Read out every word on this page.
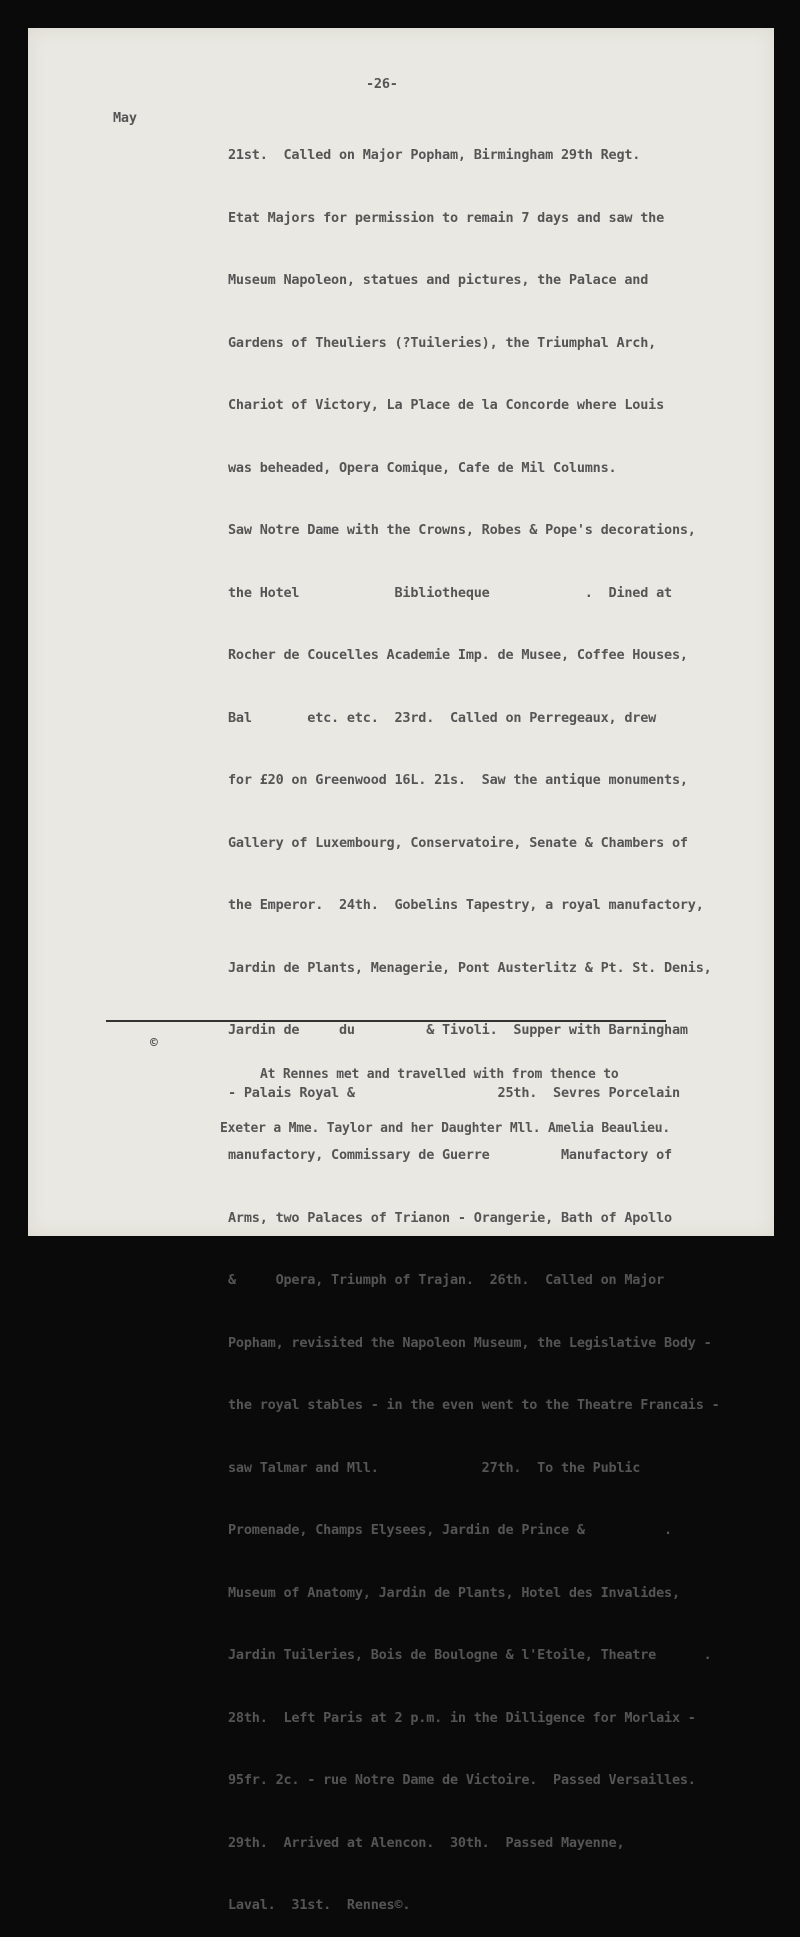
-26-
May

21st.  Called on Major Popham, Birmingham 29th Regt.

Etat Majors for permission to remain 7 days and saw the

Museum Napoleon, statues and pictures, the Palace and

Gardens of Theuliers (?Tuileries), the Triumphal Arch,

Chariot of Victory, La Place de la Concorde where Louis

was beheaded, Opera Comique, Cafe de Mil Columns.

Saw Notre Dame with the Crowns, Robes & Pope's decorations,

the Hotel            Bibliotheque            .  Dined at

Rocher de Coucelles Academie Imp. de Musee, Coffee Houses,

Bal       etc. etc.  23rd.  Called on Perregeaux, drew

for £20 on Greenwood 16L. 21s.  Saw the antique monuments,

Gallery of Luxembourg, Conservatoire, Senate & Chambers of

the Emperor.  24th.  Gobelins Tapestry, a royal manufactory,

Jardin de Plants, Menagerie, Pont Austerlitz & Pt. St. Denis,

Jardin de     du         & Tivoli.  Supper with Barningham

- Palais Royal &                  25th.  Sevres Porcelain

manufactory, Commissary de Guerre         Manufactory of

Arms, two Palaces of Trianon - Orangerie, Bath of Apollo

&     Opera, Triumph of Trajan.  26th.  Called on Major

Popham, revisited the Napoleon Museum, the Legislative Body -

the royal stables - in the even went to the Theatre Francais -

saw Talmar and Mll.             27th.  To the Public

Promenade, Champs Elysees, Jardin de Prince &          .

Museum of Anatomy, Jardin de Plants, Hotel des Invalides,

Jardin Tuileries, Bois de Boulogne & l'Etoile, Theatre      .

28th.  Left Paris at 2 p.m. in the Dilligence for Morlaix -

95fr. 2c. - rue Notre Dame de Victoire.  Passed Versailles.

29th.  Arrived at Alencon.  30th.  Passed Mayenne,

Laval.  31st.  Rennes©.

©

At Rennes met and travelled with from thence to

Exeter a Mme. Taylor and her Daughter Mll. Amelia Beaulieu.
